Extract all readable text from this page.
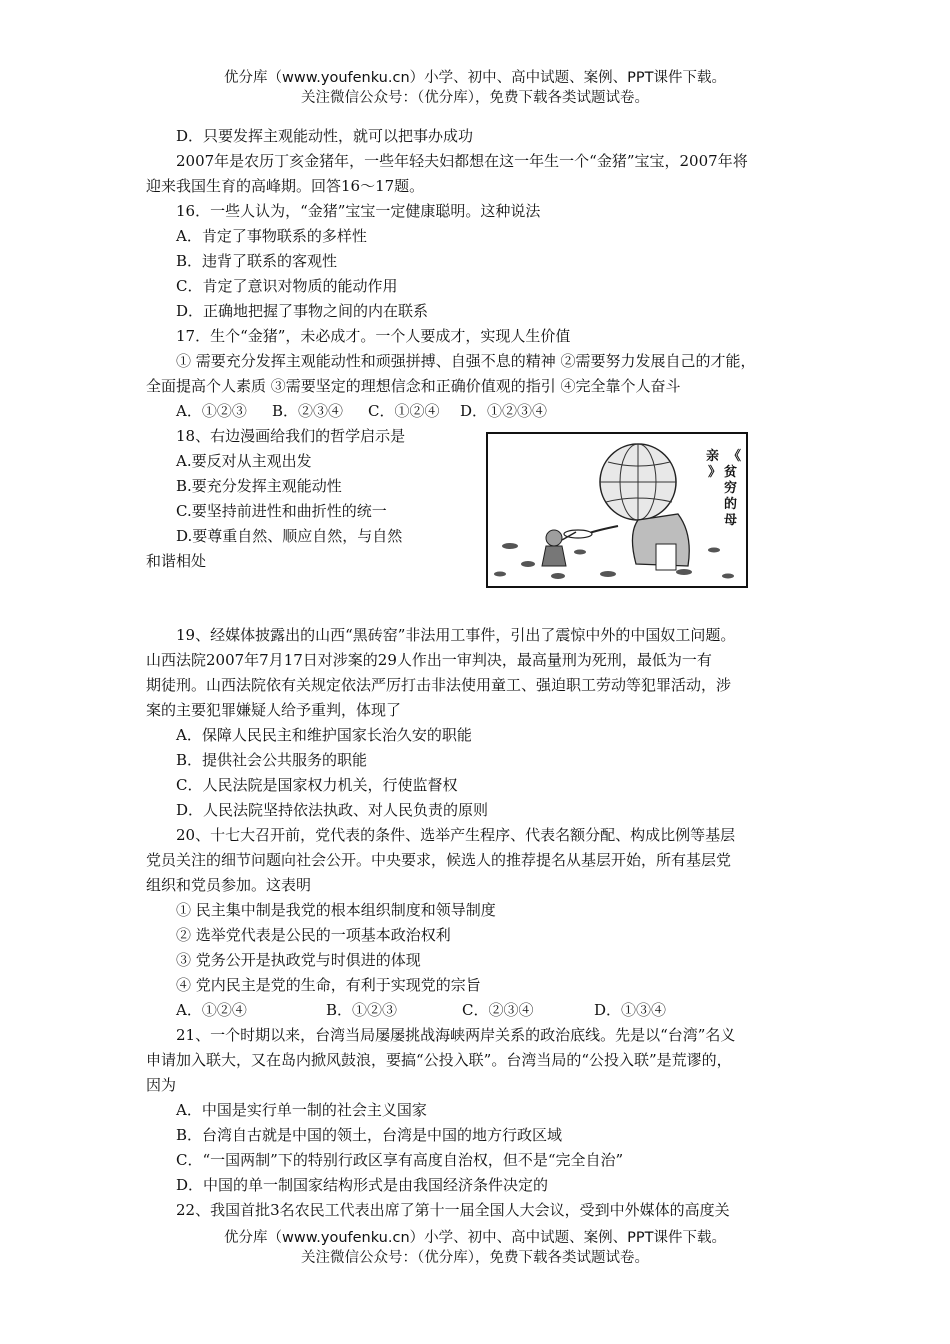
优分库（www.youfenku.cn）小学、初中、高中试题、案例、PPT课件下载。
关注微信公众号：（优分库），免费下载各类试题试卷。
D．只要发挥主观能动性，就可以把事办成功
2007年是农历丁亥金猪年，一些年轻夫妇都想在这一年生一个“金猪”宝宝，2007年将
迎来我国生育的高峰期。回答16～17题。
16．一些人认为，“金猪”宝宝一定健康聪明。这种说法
A．肯定了事物联系的多样性
B．违背了联系的客观性
C．肯定了意识对物质的能动作用
D．正确地把握了事物之间的内在联系
17．生个“金猪”，未必成才。一个人要成才，实现人生价值
① 需要充分发挥主观能动性和顽强拼搏、自强不息的精神 ②需要努力发展自己的才能，
全面提高个人素质 ③需要坚定的理想信念和正确价值观的指引 ④完全靠个人奋斗
A．①②③ B．②③④ C．①②④ D．①②③④
18、右边漫画给我们的哲学启示是
A.要反对从主观出发
B.要充分发挥主观能动性
C.要坚持前进性和曲折性的统一
D.要尊重自然、顺应自然，与自然
和谐相处
《 贫 穷 的 母
亲 》
19、经媒体披露出的山西“黑砖窑”非法用工事件，引出了震惊中外的中国奴工问题。
山西法院2007年7月17日对涉案的29人作出一审判决，最高量刑为死刑，最低为一有
期徒刑。山西法院依有关规定依法严厉打击非法使用童工、强迫职工劳动等犯罪活动，涉
案的主要犯罪嫌疑人给予重判，体现了
A．保障人民民主和维护国家长治久安的职能
B．提供社会公共服务的职能
C．人民法院是国家权力机关，行使监督权
D．人民法院坚持依法执政、对人民负责的原则
20、十七大召开前，党代表的条件、选举产生程序、代表名额分配、构成比例等基层
党员关注的细节问题向社会公开。中央要求，候选人的推荐提名从基层开始，所有基层党
组织和党员参加。这表明
① 民主集中制是我党的根本组织制度和领导制度
② 选举党代表是公民的一项基本政治权利
③ 党务公开是执政党与时俱进的体现
④ 党内民主是党的生命，有利于实现党的宗旨
A．①②④	B．①②③	C．②③④	D．①③④
21、一个时期以来，台湾当局屡屡挑战海峡两岸关系的政治底线。先是以“台湾”名义
申请加入联大，又在岛内掀风鼓浪，要搞“公投入联”。台湾当局的“公投入联”是荒谬的，
因为
A．中国是实行单一制的社会主义国家
B．台湾自古就是中国的领土，台湾是中国的地方行政区域
C．“一国两制”下的特别行政区享有高度自治权，但不是“完全自治”
D．中国的单一制国家结构形式是由我国经济条件决定的
22、我国首批3名农民工代表出席了第十一届全国人大会议，受到中外媒体的高度关
优分库（www.youfenku.cn）小学、初中、高中试题、案例、PPT课件下载。
关注微信公众号：（优分库），免费下载各类试题试卷。
